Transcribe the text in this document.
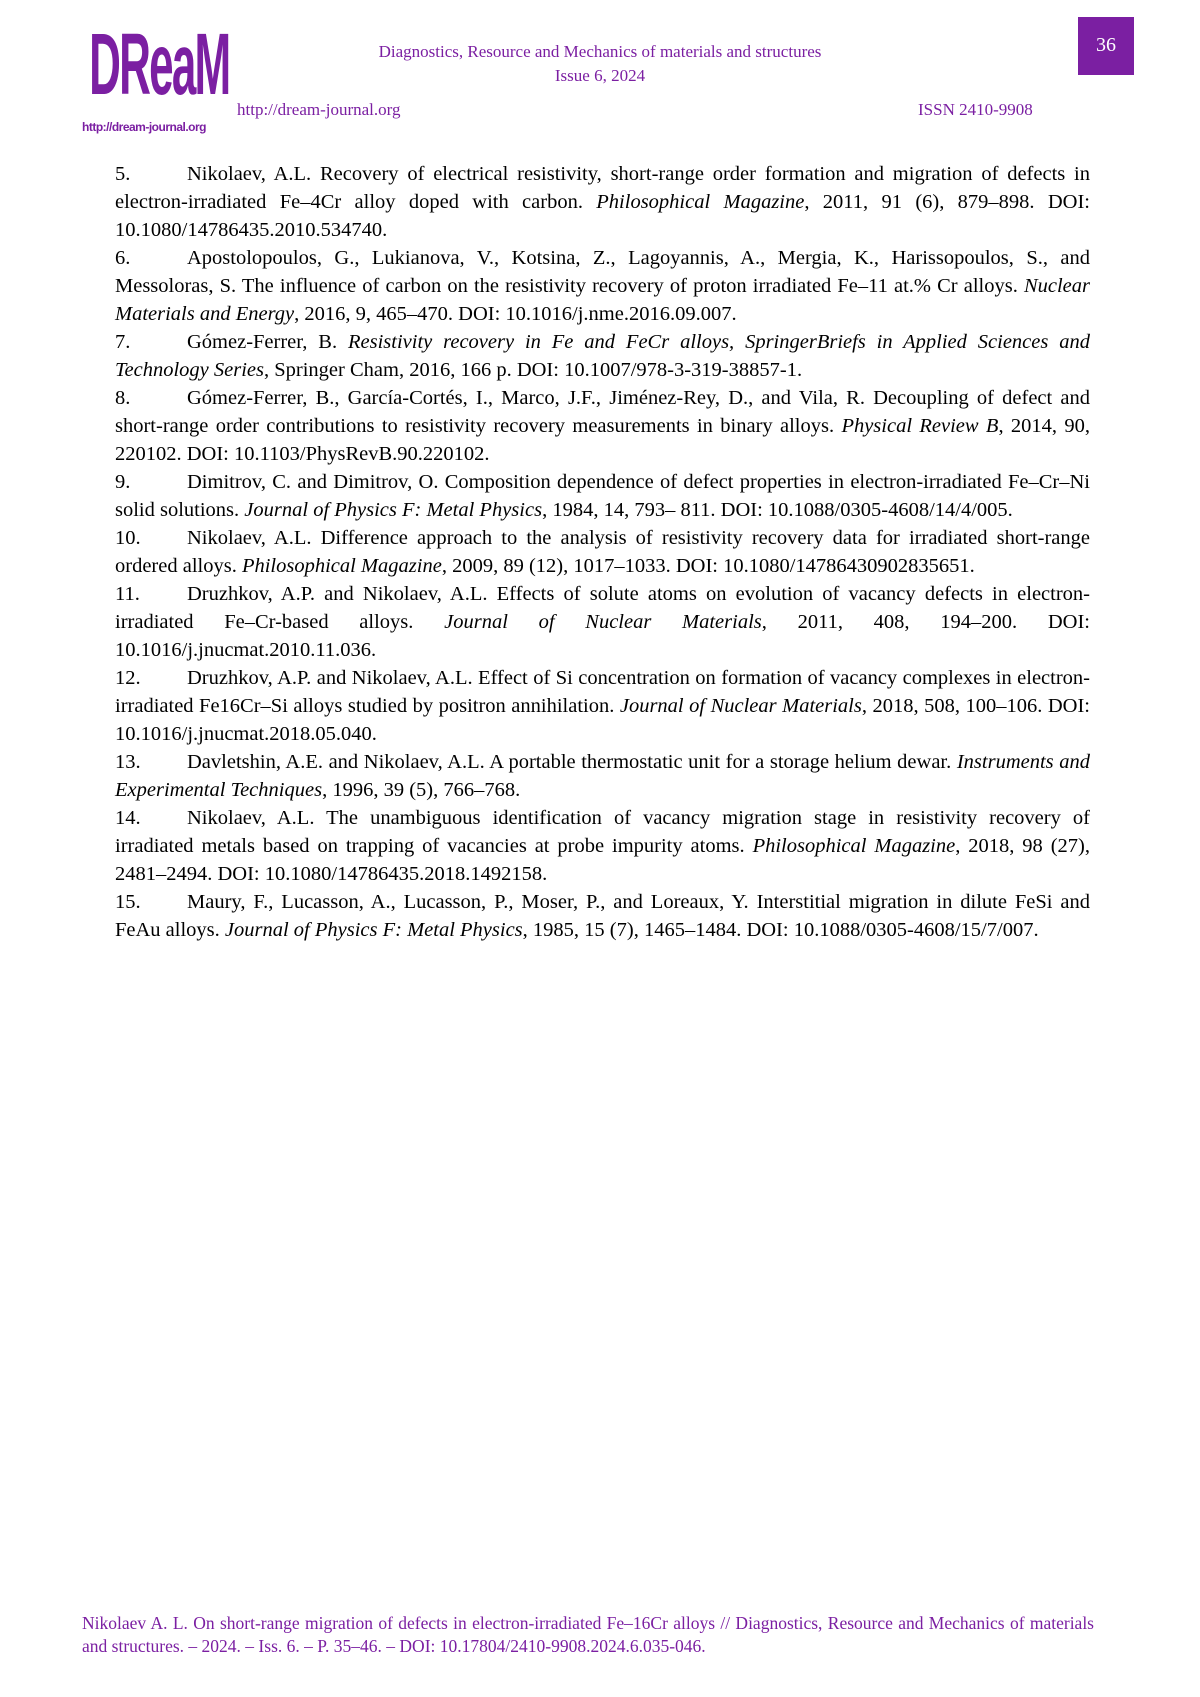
DReaM
http://dream-journal.org
Diagnostics, Resource and Mechanics of materials and structures
Issue 6, 2024
http://dream-journal.org	ISSN 2410-9908
36

5.	Nikolaev, A.L. Recovery of electrical resistivity, short-range order formation and migration of defects in electron-irradiated Fe–4Cr alloy doped with carbon. Philosophical Magazine, 2011, 91 (6), 879–898. DOI: 10.1080/14786435.2010.534740.

6.	Apostolopoulos, G., Lukianova, V., Kotsina, Z., Lagoyannis, A., Mergia, K., Harissopoulos, S., and Messoloras, S. The influence of carbon on the resistivity recovery of proton irradiated Fe–11 at.% Cr alloys. Nuclear Materials and Energy, 2016, 9, 465–470. DOI: 10.1016/j.nme.2016.09.007.

7.	Gómez-Ferrer, B. Resistivity recovery in Fe and FeCr alloys, SpringerBriefs in Applied Sciences and Technology Series, Springer Cham, 2016, 166 p. DOI: 10.1007/978-3-319-38857-1.

8.	Gómez-Ferrer, B., García-Cortés, I., Marco, J.F., Jiménez-Rey, D., and Vila, R. Decoupling of defect and short-range order contributions to resistivity recovery measurements in binary alloys. Physical Review B, 2014, 90, 220102. DOI: 10.1103/PhysRevB.90.220102.

9.	Dimitrov, C. and Dimitrov, O. Composition dependence of defect properties in electron-irradiated Fe–Cr–Ni solid solutions. Journal of Physics F: Metal Physics, 1984, 14, 793– 811. DOI: 10.1088/0305-4608/14/4/005.

10. Nikolaev, A.L. Difference approach to the analysis of resistivity recovery data for irradiated short-range ordered alloys. Philosophical Magazine, 2009, 89 (12), 1017–1033. DOI: 10.1080/14786430902835651.

11. Druzhkov, A.P. and Nikolaev, A.L. Effects of solute atoms on evolution of vacancy defects in electron-irradiated Fe–Cr-based alloys. Journal of Nuclear Materials, 2011, 408, 194–200. DOI: 10.1016/j.jnucmat.2010.11.036.

12. Druzhkov, A.P. and Nikolaev, A.L. Effect of Si concentration on formation of vacancy complexes in electron-irradiated Fe16Cr–Si alloys studied by positron annihilation. Journal of Nuclear Materials, 2018, 508, 100–106. DOI: 10.1016/j.jnucmat.2018.05.040.

13. Davletshin, A.E. and Nikolaev, A.L. A portable thermostatic unit for a storage helium dewar. Instruments and Experimental Techniques, 1996, 39 (5), 766–768.

14. Nikolaev, A.L. The unambiguous identification of vacancy migration stage in resistivity recovery of irradiated metals based on trapping of vacancies at probe impurity atoms. Philosophical Magazine, 2018, 98 (27), 2481–2494. DOI: 10.1080/14786435.2018.1492158.

15. Maury, F., Lucasson, A., Lucasson, P., Moser, P., and Loreaux, Y. Interstitial migration in dilute FeSi and FeAu alloys. Journal of Physics F: Metal Physics, 1985, 15 (7), 1465–1484. DOI: 10.1088/0305-4608/15/7/007.

Nikolaev A. L. On short-range migration of defects in electron-irradiated Fe–16Cr alloys // Diagnostics, Resource and Mechanics of materials and structures. – 2024. – Iss. 6. – P. 35–46. – DOI: 10.17804/2410-9908.2024.6.035-046.
